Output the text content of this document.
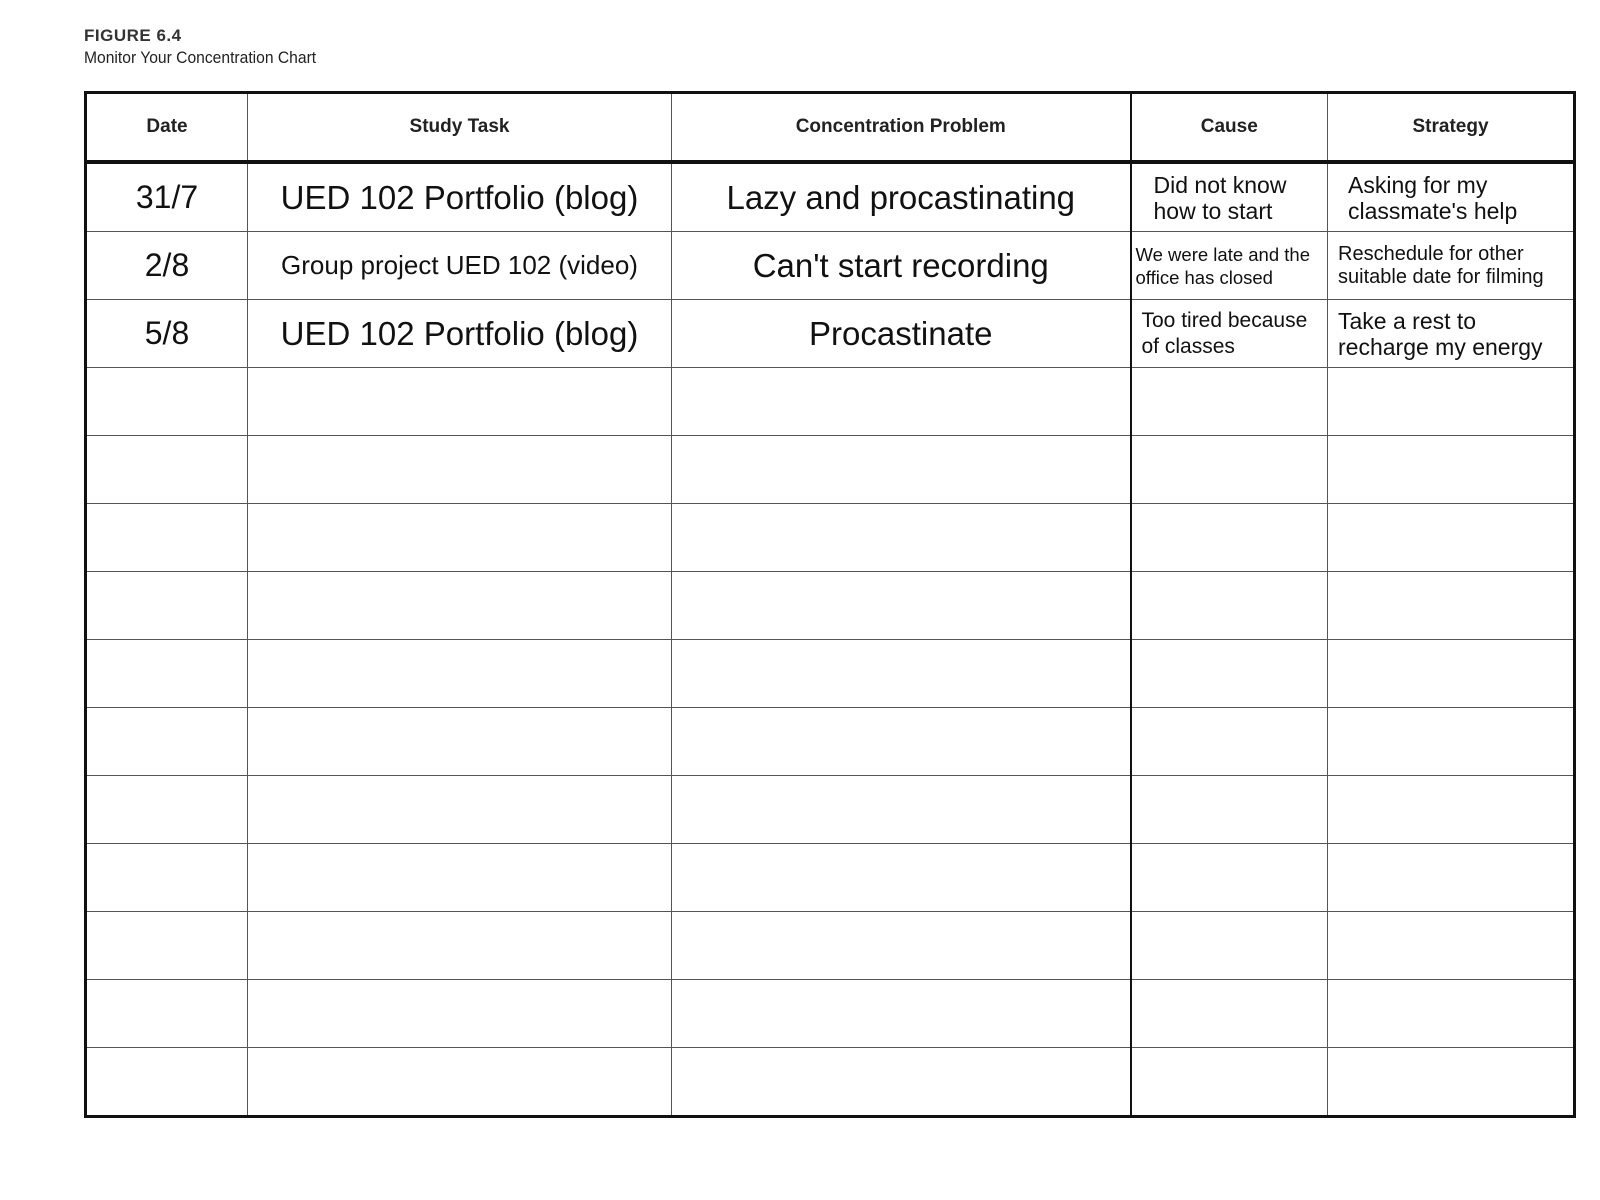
FIGURE 6.4
Monitor Your Concentration Chart
Date	Study Task	Concentration Problem	Cause	Strategy
31/7	UED 102 Portfolio (blog)	Lazy and procastinating	Did not know how to start	Asking for my classmate's help
2/8	Group project UED 102 (video)	Can't start recording	We were late and the office has closed	Reschedule for other suitable date for filming
5/8	UED 102 Portfolio (blog)	Procastinate	Too tired because of classes	Take a rest to recharge my energy
